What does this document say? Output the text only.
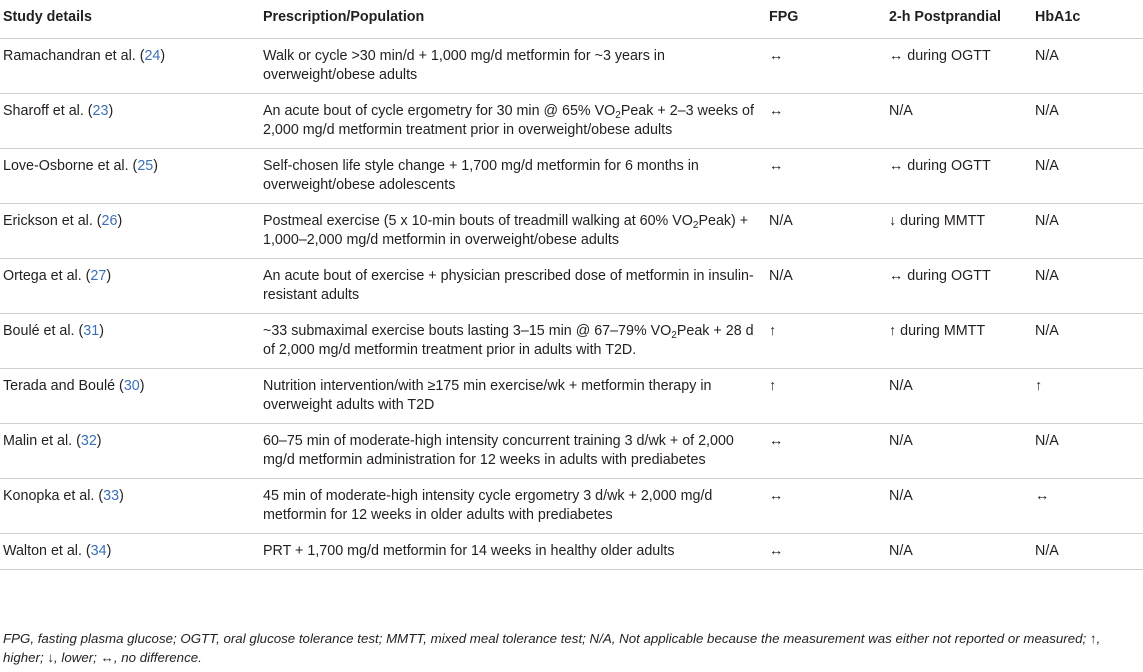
Study details	Prescription/Population	FPG	2-h Postprandial	HbA1c
Ramachandran et al. (24)	Walk or cycle >30 min/d + 1,000 mg/d metformin for ~3 years in overweight/obese adults	↔	↔ during OGTT	N/A
Sharoff et al. (23)	An acute bout of cycle ergometry for 30 min @ 65% $VO_2Peak + 2-3$ weeks of 2,000 mg/d metformin treatment prior in overweight/obese adults	↔	N/A	N/A
Love-Osborne et al. (25)	Self-chosen life style change + 1,700 mg/d metformin for 6 months in overweight/obese adolescents	↔	↔ during OGTT	N/A
Erickson et al. (26)	Postmeal exercise (5 x 10-min bouts of treadmill walking at 60% $VO_2Peak) + 1,000-2,000$ mg/d metformin in overweight/obese adults	N/A	↓ during MMTT	N/A
Ortega et al. (27)	An acute bout of exercise + physician prescribed dose of metformin in insulin-resistant adults	N/A	↔ during OGTT	N/A
Boulé et al. (31)	~33 submaximal exercise bouts lasting 3–15 min @ 67–79% $VO_2Peak + 28$ d of 2,000 mg/d metformin treatment prior in adults with T2D.	↑	↑ during MMTT	N/A
Terada and Boulé (30)	Nutrition intervention/with ≥175 min exercise/wk + metformin therapy in overweight adults with T2D	↑	N/A	↑
Malin et al. (32)	60–75 min of moderate-high intensity concurrent training 3 d/wk + of 2,000 mg/d metformin administration for 12 weeks in adults with prediabetes	↔	N/A	N/A
Konopka et al. (33)	45 min of moderate-high intensity cycle ergometry 3 d/wk + 2,000 mg/d metformin for 12 weeks in older adults with prediabetes	↔	N/A	↔
Walton et al. (34)	PRT + 1,700 mg/d metformin for 14 weeks in healthy older adults	↔	N/A	N/A
FPG, fasting plasma glucose; OGTT, oral glucose tolerance test; MMTT, mixed meal tolerance test; N/A, Not applicable because the measurement was either not reported or measured; ↑, higher; ↓, lower; ↔, no difference.
